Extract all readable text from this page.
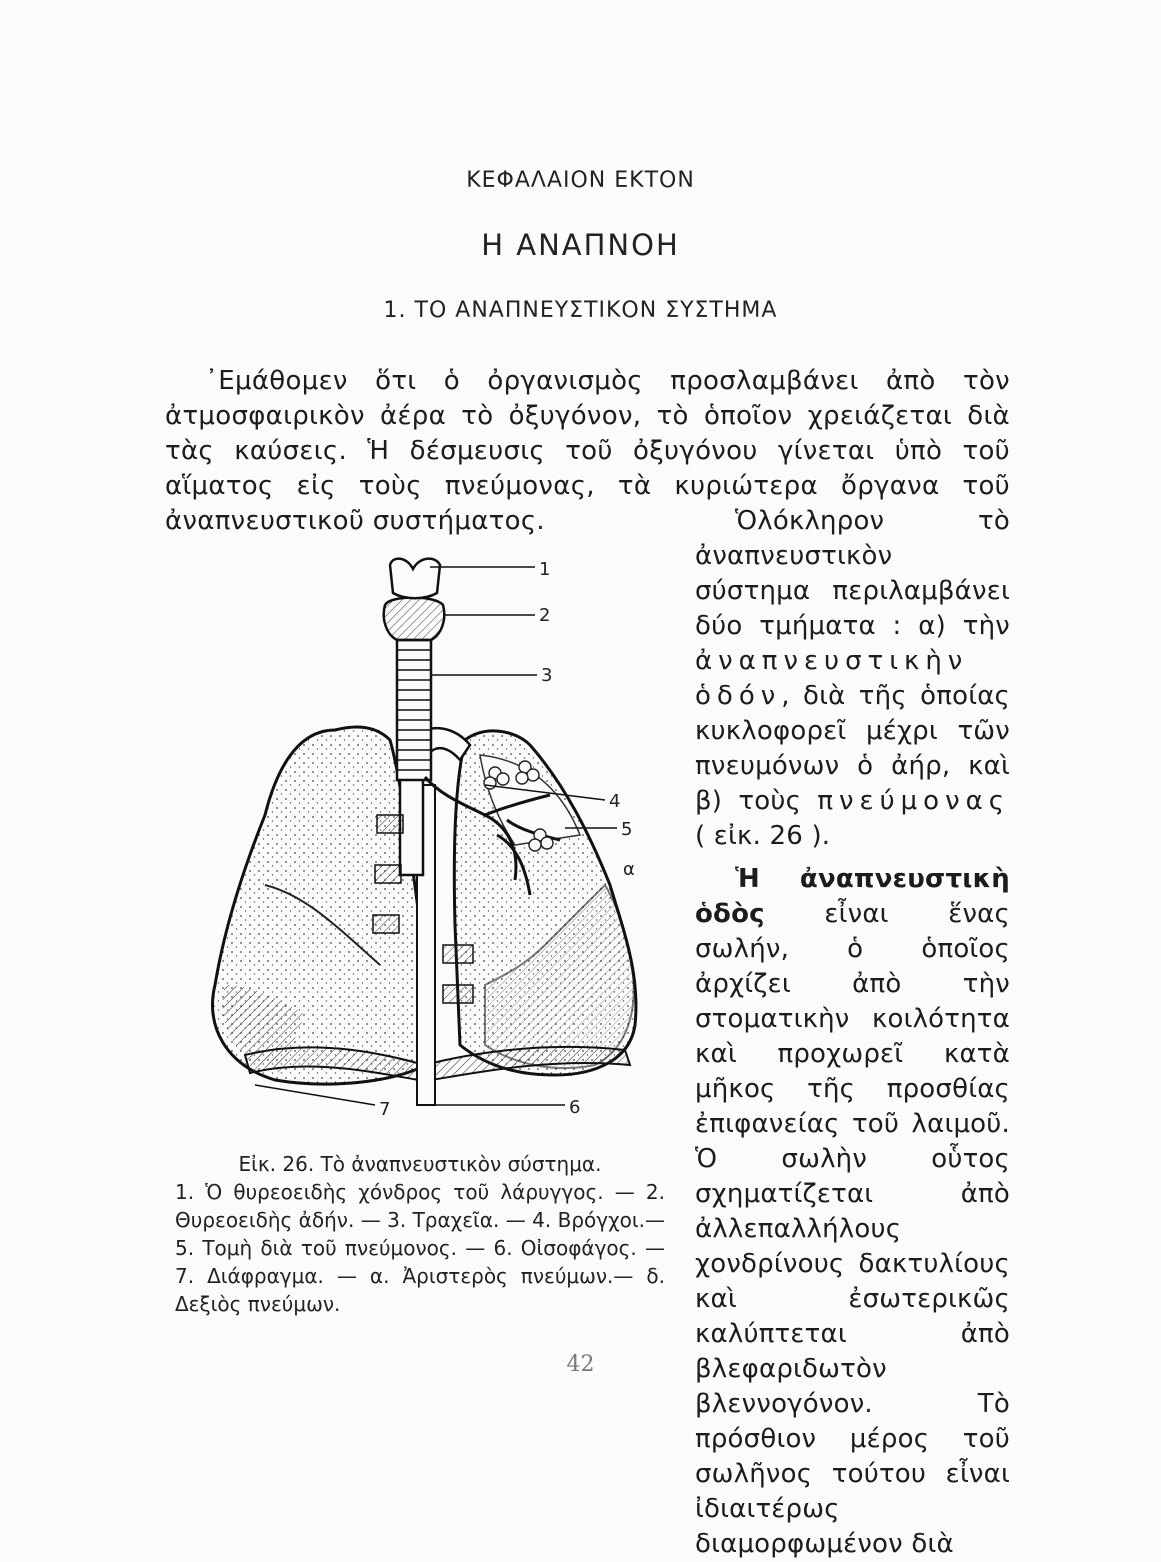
ΚΕΦΑΛΑΙΟΝ ΕΚΤΟΝ
Η ΑΝΑΠΝΟΗ
1. ΤΟ ΑΝΑΠΝΕΥΣΤΙΚΟΝ ΣΥΣΤΗΜΑ

᾿Εμάθομεν ὅτι ὁ ὀργανισμὸς προσλαμβάνει ἀπὸ τὸν ἀτμοσφαιρικὸν ἀέρα τὸ ὀξυγόνον, τὸ ὁποῖον χρειάζεται διὰ τὰς καύσεις. Ἡ δέσμευσις τοῦ ὀξυγόνου γίνεται ὑπὸ τοῦ αἵματος εἰς τοὺς πνεύμονας, τὰ κυριώτερα ὄργανα τοῦ ἀναπνευστικοῦ συστήματος.	Ὁλόκληρον τὸ ἀναπνευστικὸν σύστημα περιλαμβάνει δύο τμήματα : α) τὴν ἀναπνευστικὴν ὁδόν, διὰ τῆς ὁποίας κυκλοφορεῖ μέχρι τῶν πνευμόνων ὁ ἀήρ, καὶ β) τοὺς πνεύμονας ( εἰκ. 26 ).

Ἡ ἀναπνευστικὴ ὁδὸς εἶναι ἕνας σωλήν, ὁ ὁποῖος ἀρχίζει ἀπὸ τὴν στοματικὴν κοιλότητα καὶ προχωρεῖ κατὰ μῆκος τῆς προσθίας ἐπιφανείας τοῦ λαιμοῦ. Ὁ σωλὴν οὗτος σχηματίζεται ἀπὸ ἀλλεπαλλήλους χονδρίνους δακτυλίους καὶ ἐσωτερικῶς καλύπτεται ἀπὸ βλεφαριδωτὸν βλεννογόνον. Τὸ πρόσθιον μέρος τοῦ σωλῆνος τούτου εἶναι ἰδιαιτέρως διαμορφωμένον διὰ

1
2
3
4
5
α
6
7
Εἰκ. 26. Τὸ ἀναπνευστικὸν σύστημα.
1. Ὁ θυρεοειδὴς χόνδρος τοῦ λάρυγγος. — 2. Θυρεοειδὴς ἀδήν. — 3. Τραχεῖα. — 4. Βρόγχοι.— 5. Τομὴ διὰ τοῦ πνεύμονος. — 6. Οἰσοφάγος. — 7. Διάφραγμα. — α. Ἀριστερὸς πνεύμων.— δ. Δεξιὸς πνεύμων.
42
